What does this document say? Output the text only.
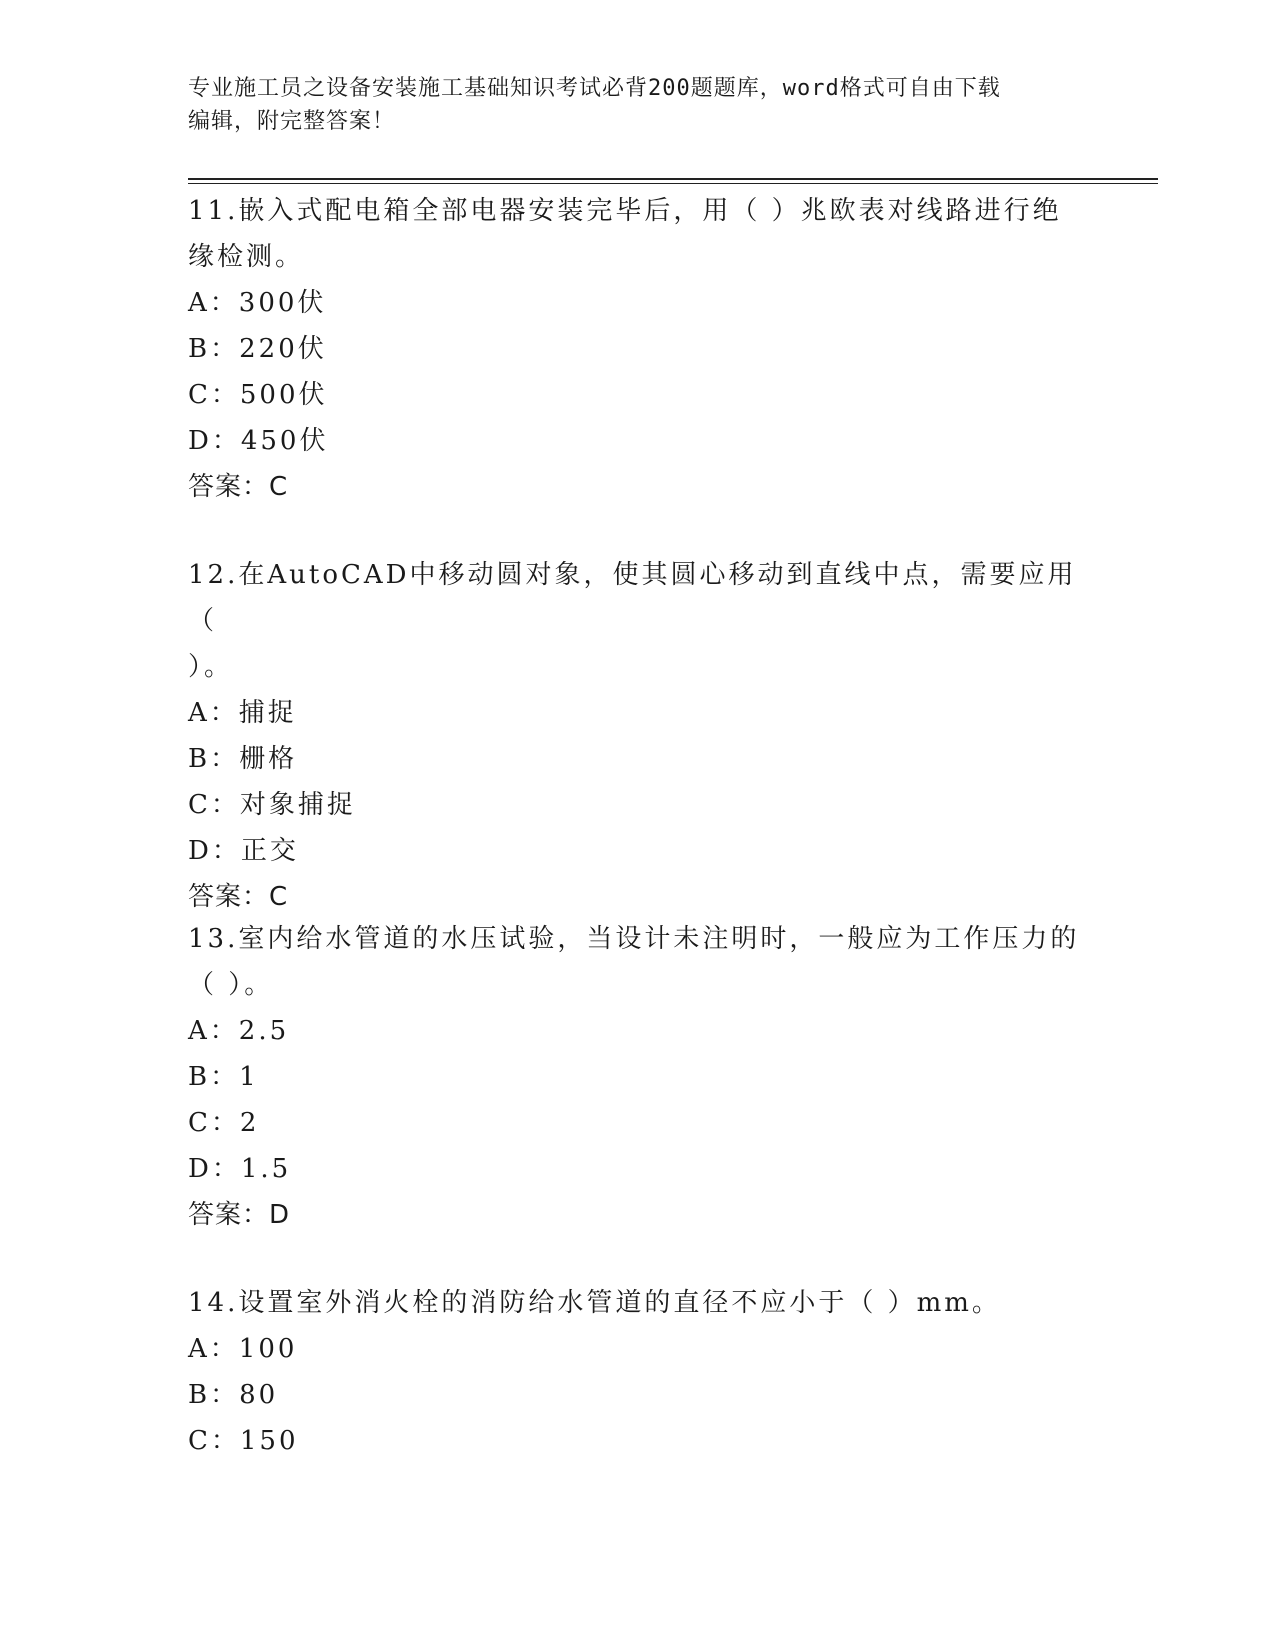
专业施工员之设备安装施工基础知识考试必背200题题库，word格式可自由下载
编辑，附完整答案！
11.嵌入式配电箱全部电器安装完毕后，用（ ）兆欧表对线路进行绝
缘检测。
A：300伏
B：220伏
C：500伏
D：450伏
答案：C
12.在AutoCAD中移动圆对象，使其圆心移动到直线中点，需要应用（
）。
A：捕捉
B：栅格
C：对象捕捉
D：正交
答案：C
13.室内给水管道的水压试验，当设计未注明时，一般应为工作压力的
（ ）。
A：2.5
B：1
C：2
D：1.5
答案：D
14.设置室外消火栓的消防给水管道的直径不应小于（ ）mm。
A：100
B：80
C：150
